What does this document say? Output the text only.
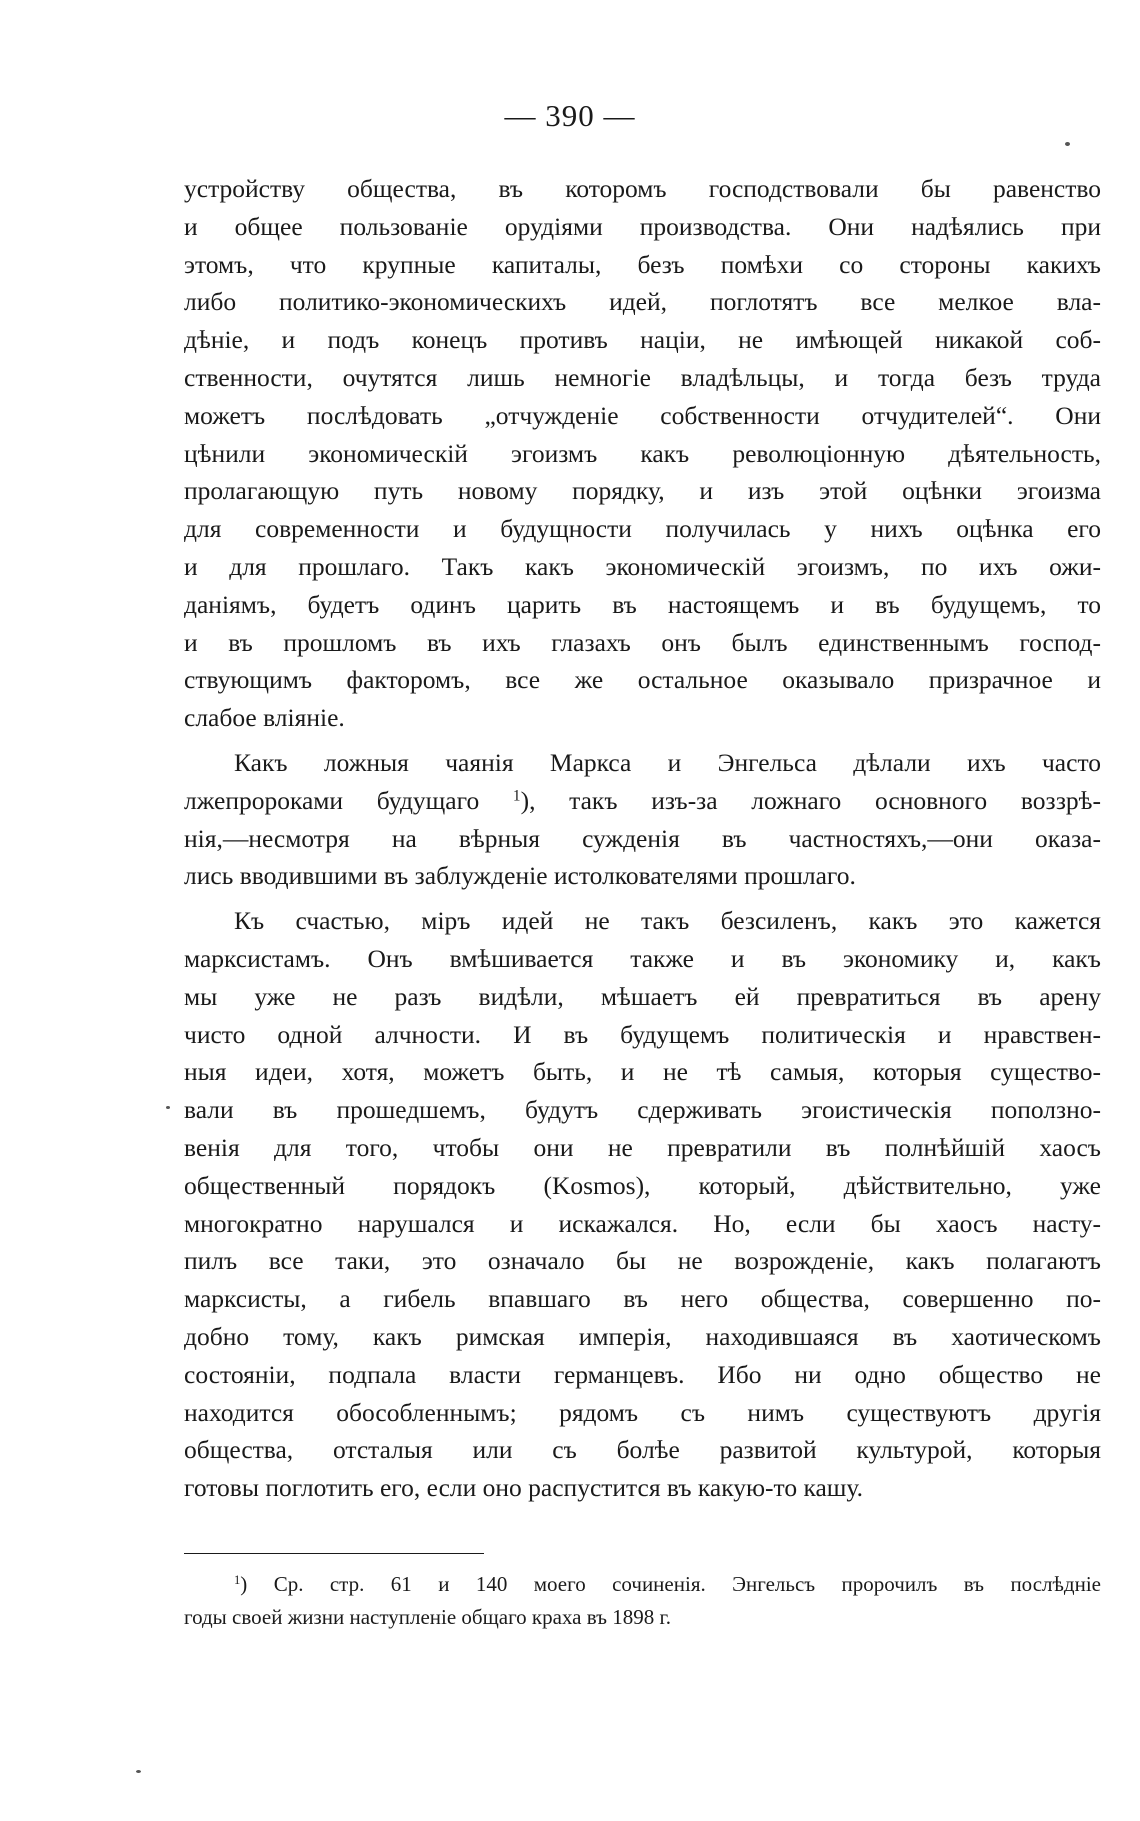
— 390 —
устройству общества, въ которомъ господствовали бы равенство
и общее пользованіе орудіями производства. Они надѣялись при
этомъ, что крупные капиталы, безъ помѣхи со стороны какихъ
либо политико-экономическихъ идей, поглотятъ все мелкое вла-
дѣніе, и подъ конецъ противъ націи, не имѣющей никакой соб-
ственности, очутятся лишь немногіе владѣльцы, и тогда безъ труда
можетъ послѣдовать „отчужденіе собственности отчудителей“. Они
цѣнили экономическій эгоизмъ какъ революціонную дѣятельность,
пролагающую путь новому порядку, и изъ этой оцѣнки эгоизма
для современности и будущности получилась у нихъ оцѣнка его
и для прошлаго. Такъ какъ экономическій эгоизмъ, по ихъ ожи-
даніямъ, будетъ одинъ царить въ настоящемъ и въ будущемъ, то
и въ прошломъ въ ихъ глазахъ онъ былъ единственнымъ господ-
ствующимъ факторомъ, все же остальное оказывало призрачное и
слабое вліяніе.
Какъ ложныя чаянія Маркса и Энгельса дѣлали ихъ часто
лжепророками будущаго $^1$), такъ изъ-за ложнаго основного воззрѣ-
нія,—несмотря на вѣрныя сужденія въ частностяхъ,—они оказа-
лись вводившими въ заблужденіе истолкователями прошлаго.
Къ счастью, міръ идей не такъ безсиленъ, какъ это кажется
марксистамъ. Онъ вмѣшивается также и въ экономику и, какъ
мы уже не разъ видѣли, мѣшаетъ ей превратиться въ арену
чисто одной алчности. И въ будущемъ политическія и нравствен-
ныя идеи, хотя, можетъ быть, и не тѣ самыя, которыя существо-
вали въ прошедшемъ, будутъ сдерживать эгоистическія поползно-
венія для того, чтобы они не превратили въ полнѣйшій хаосъ
общественный порядокъ (Kosmos), который, дѣйствительно, уже
многократно нарушался и искажался. Но, если бы хаосъ насту-
пилъ все таки, это означало бы не возрожденіе, какъ полагаютъ
марксисты, а гибель впавшаго въ него общества, совершенно по-
добно тому, какъ римская имперія, находившаяся въ хаотическомъ
состояніи, подпала власти германцевъ. Ибо ни одно общество не
находится обособленнымъ; рядомъ съ нимъ существуютъ другія
общества, отсталыя или съ болѣе развитой культурой, которыя
готовы поглотить его, если оно распустится въ какую-то кашу.
$^1$) Ср. стр. 61 и 140 моего сочиненія. Энгельсъ пророчилъ въ послѣдніе
годы своей жизни наступленіе общаго краха въ 1898 г.
